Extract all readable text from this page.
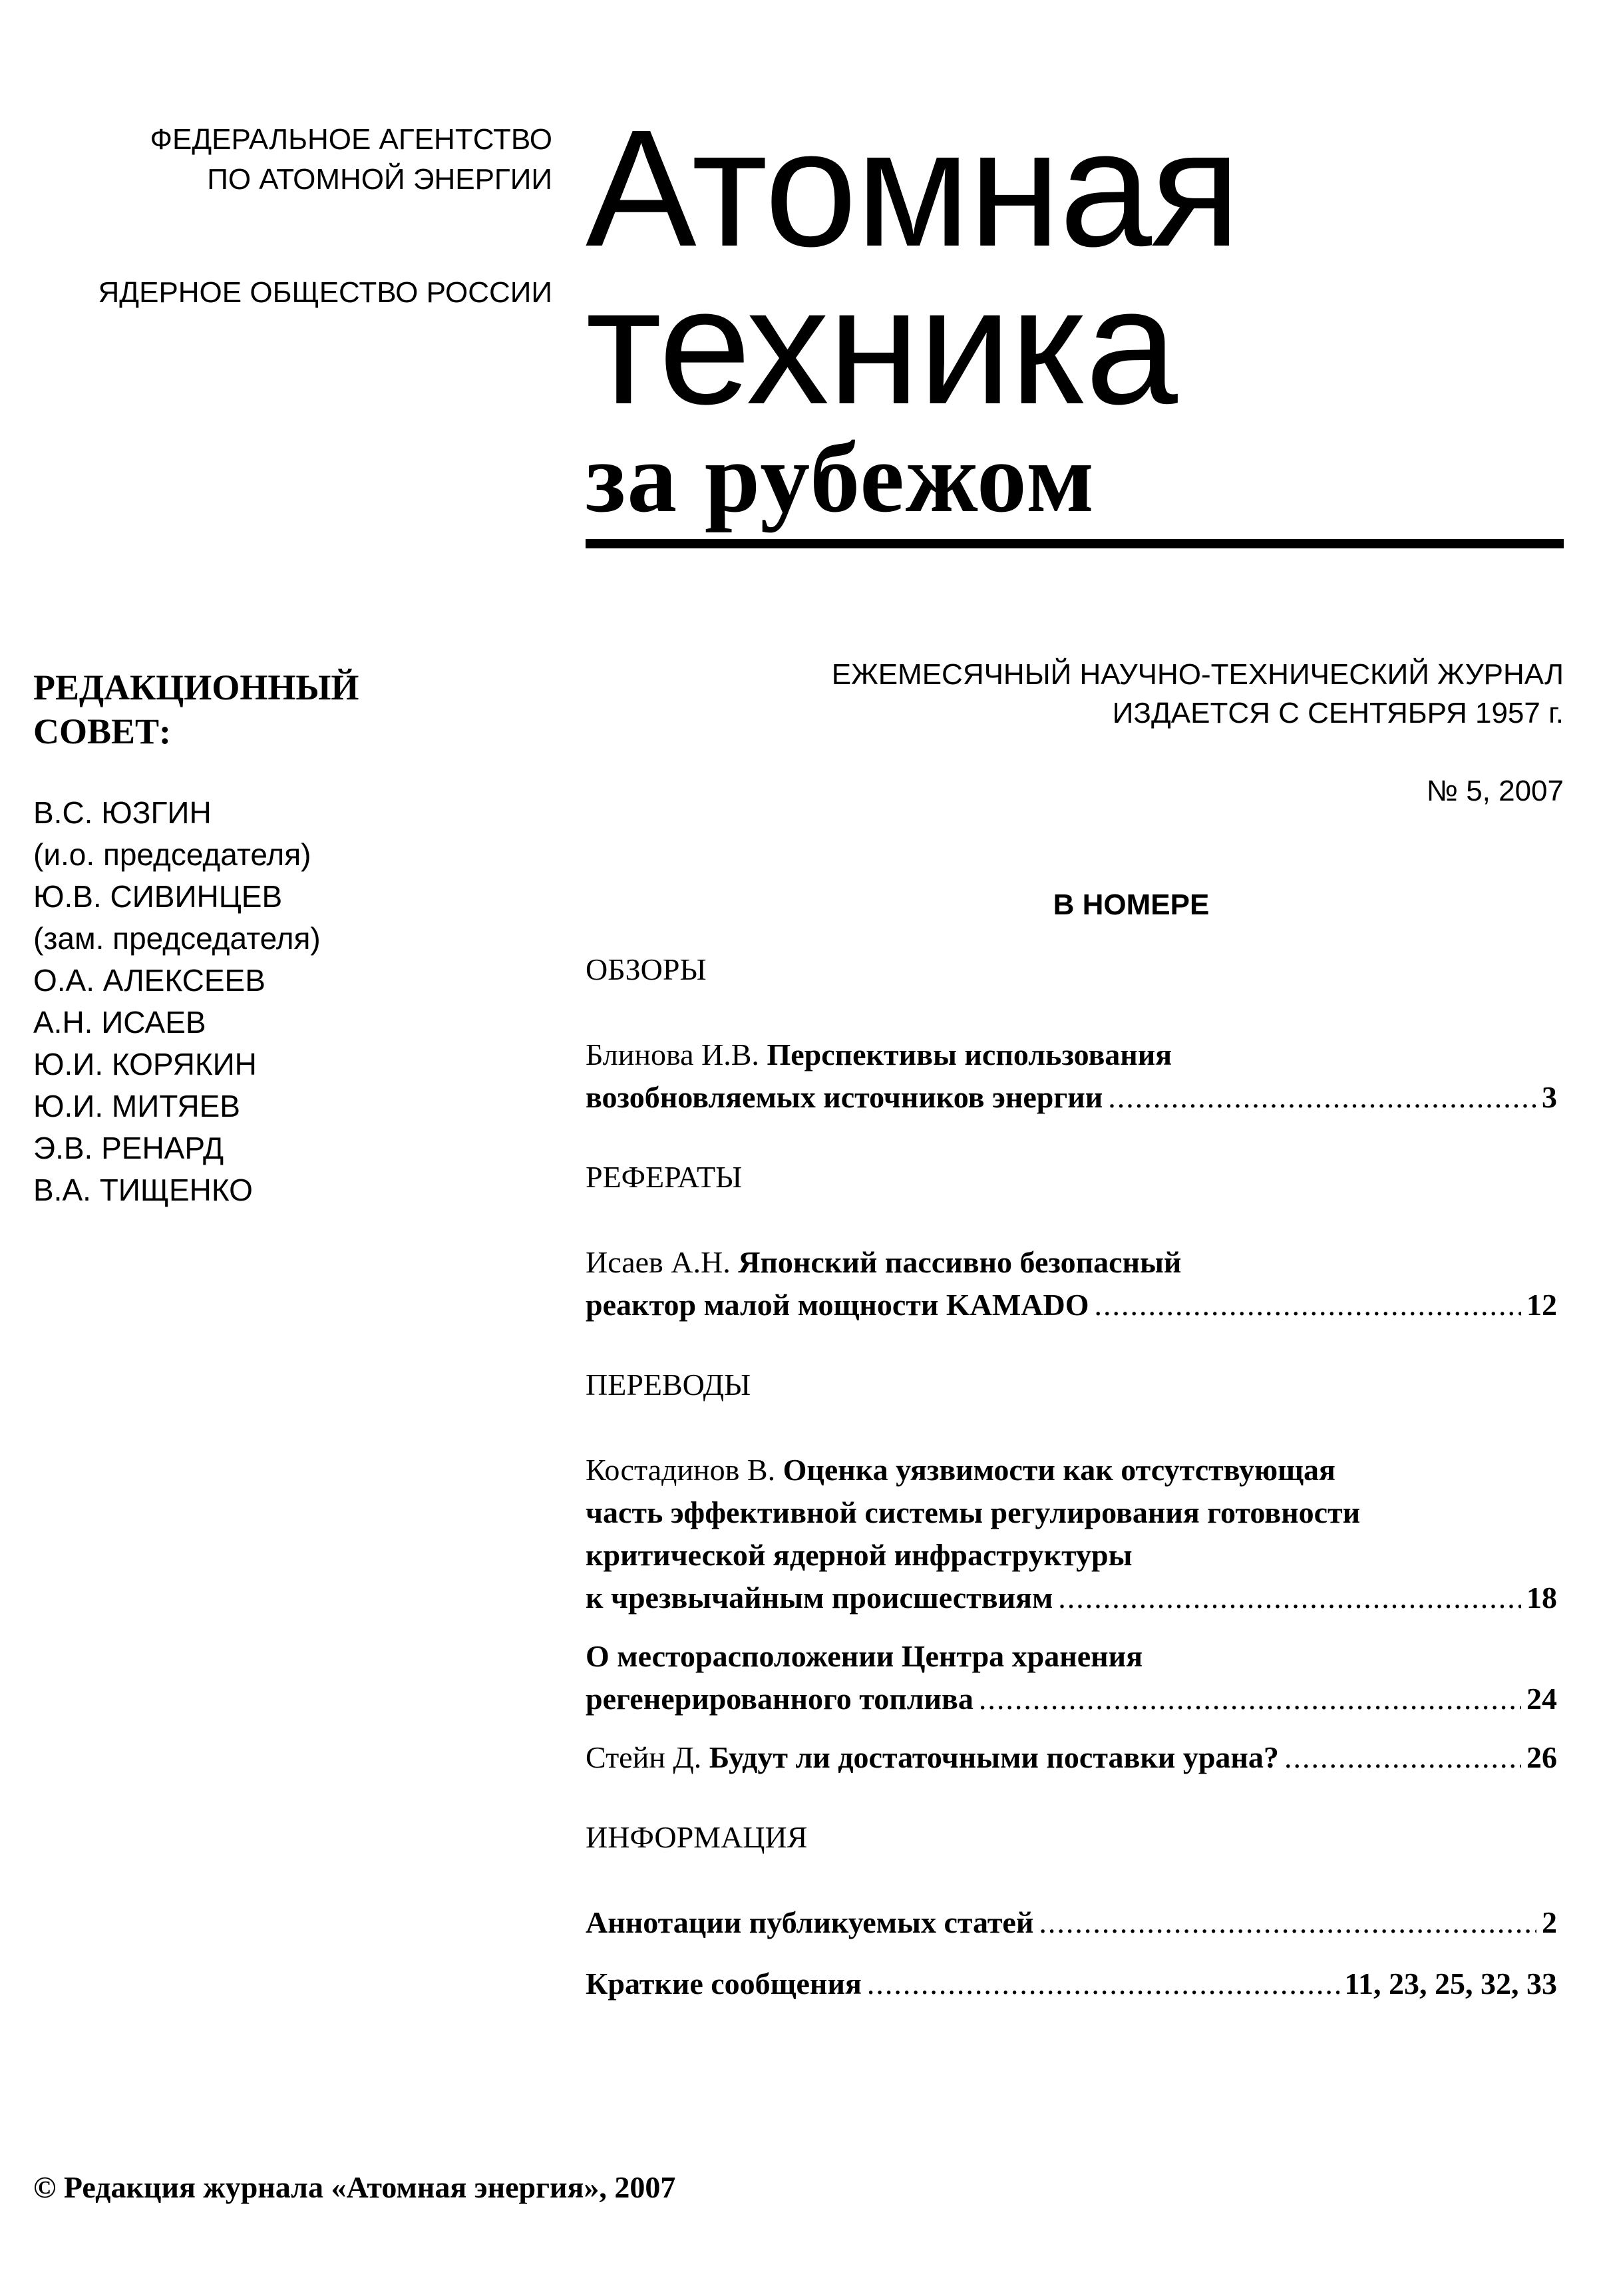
ФЕДЕРАЛЬНОЕ АГЕНТСТВО
ПО АТОМНОЙ ЭНЕРГИИ
ЯДЕРНОЕ ОБЩЕСТВО РОССИИ
Атомная
техника
за рубежом
РЕДАКЦИОННЫЙ
СОВЕТ:
В.С. ЮЗГИН
(и.о. председателя)
Ю.В. СИВИНЦЕВ
(зам. председателя)
О.А. АЛЕКСЕЕВ
А.Н. ИСАЕВ
Ю.И. КОРЯКИН
Ю.И. МИТЯЕВ
Э.В. РЕНАРД
В.А. ТИЩЕНКО
ЕЖЕМЕСЯЧНЫЙ НАУЧНО-ТЕХНИЧЕСКИЙ ЖУРНАЛ
ИЗДАЕТСЯ С СЕНТЯБРЯ 1957 г.
№ 5, 2007
В НОМЕРЕ
ОБЗОРЫ
Блинова И.В. Перспективы использования
возобновляемых источников энергии .....	3
РЕФЕРАТЫ
Исаев А.Н. Японский пассивно безопасный
реактор малой мощности KAMADO .....	12
ПЕРЕВОДЫ
Костадинов В. Оценка уязвимости как отсутствующая
часть эффективной системы регулирования готовности
критической ядерной инфраструктуры
к чрезвычайным происшествиям .....	18
О месторасположении Центра хранения
регенерированного топлива .....	24
Стейн Д. Будут ли достаточными поставки урана? .....	26
ИНФОРМАЦИЯ
Аннотации публикуемых статей .....	2
Краткие сообщения .....	11, 23, 25, 32, 33
© Редакция журнала «Атомная энергия», 2007
